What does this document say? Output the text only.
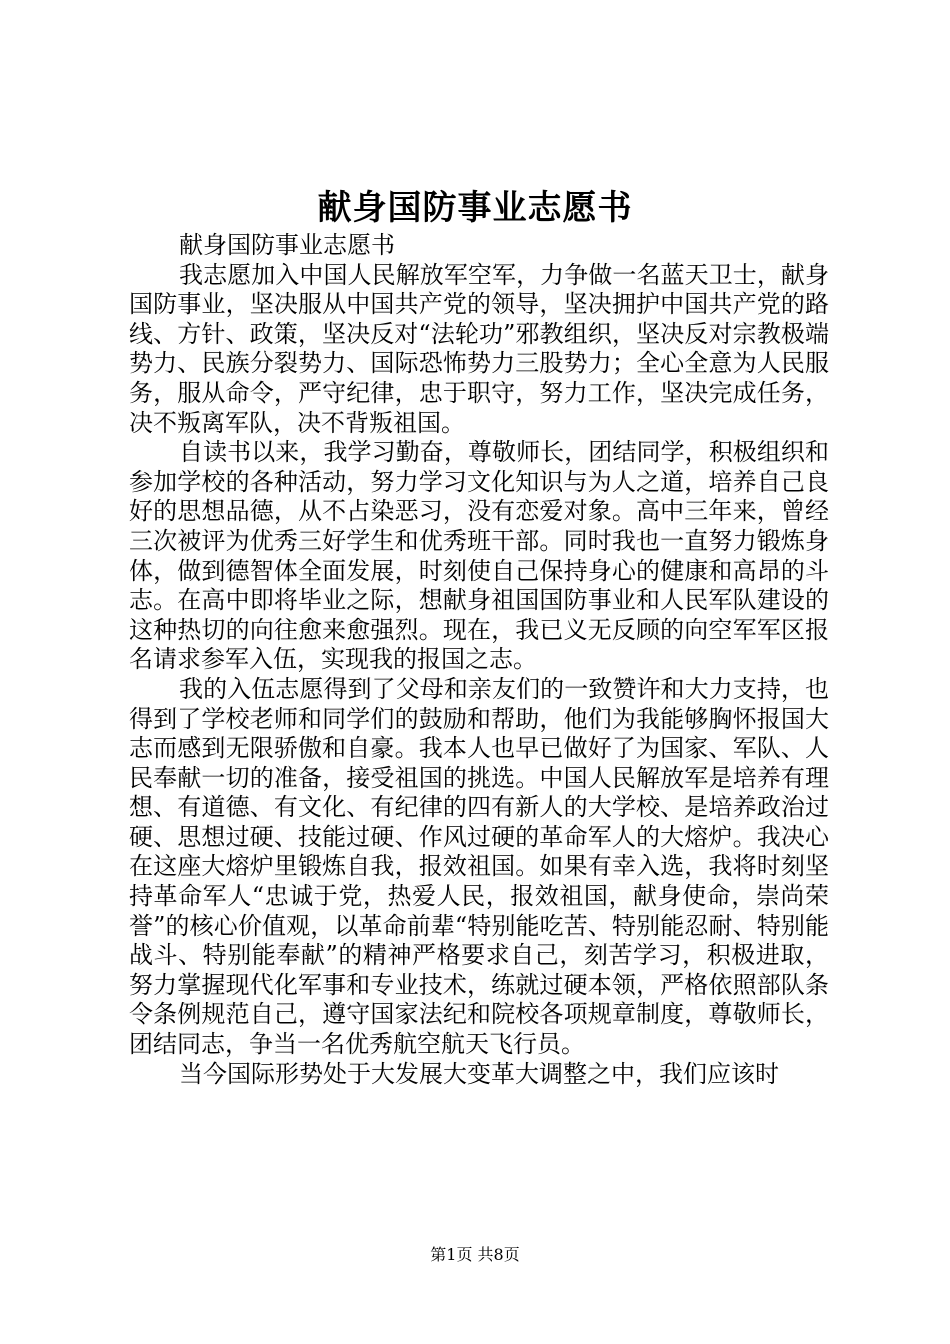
献身国防事业志愿书

献身国防事业志愿书

我志愿加入中国人民解放军空军，力争做一名蓝天卫士，献身国防事业，坚决服从中国共产党的领导，坚决拥护中国共产党的路线、方针、政策，坚决反对“法轮功”邪教组织，坚决反对宗教极端势力、民族分裂势力、国际恐怖势力三股势力；全心全意为人民服务，服从命令，严守纪律，忠于职守，努力工作，坚决完成任务，决不叛离军队，决不背叛祖国。

自读书以来，我学习勤奋，尊敬师长，团结同学，积极组织和参加学校的各种活动，努力学习文化知识与为人之道，培养自己良好的思想品德，从不占染恶习，没有恋爱对象。高中三年来，曾经三次被评为优秀三好学生和优秀班干部。同时我也一直努力锻炼身体，做到德智体全面发展，时刻使自己保持身心的健康和高昂的斗志。在高中即将毕业之际，想献身祖国国防事业和人民军队建设的这种热切的向往愈来愈强烈。现在，我已义无反顾的向空军军区报名请求参军入伍，实现我的报国之志。

我的入伍志愿得到了父母和亲友们的一致赞许和大力支持，也得到了学校老师和同学们的鼓励和帮助，他们为我能够胸怀报国大志而感到无限骄傲和自豪。我本人也早已做好了为国家、军队、人民奉献一切的准备，接受祖国的挑选。中国人民解放军是培养有理想、有道德、有文化、有纪律的四有新人的大学校、是培养政治过硬、思想过硬、技能过硬、作风过硬的革命军人的大熔炉。我决心在这座大熔炉里锻炼自我，报效祖国。如果有幸入选，我将时刻坚持革命军人“忠诚于党，热爱人民，报效祖国，献身使命，崇尚荣誉”的核心价值观，以革命前辈“特别能吃苦、特别能忍耐、特别能战斗、特别能奉献”的精神严格要求自己，刻苦学习，积极进取，努力掌握现代化军事和专业技术，练就过硬本领，严格依照部队条令条例规范自己，遵守国家法纪和院校各项规章制度，尊敬师长，团结同志，争当一名优秀航空航天飞行员。

当今国际形势处于大发展大变革大调整之中，我们应该时

第1页 共8页
